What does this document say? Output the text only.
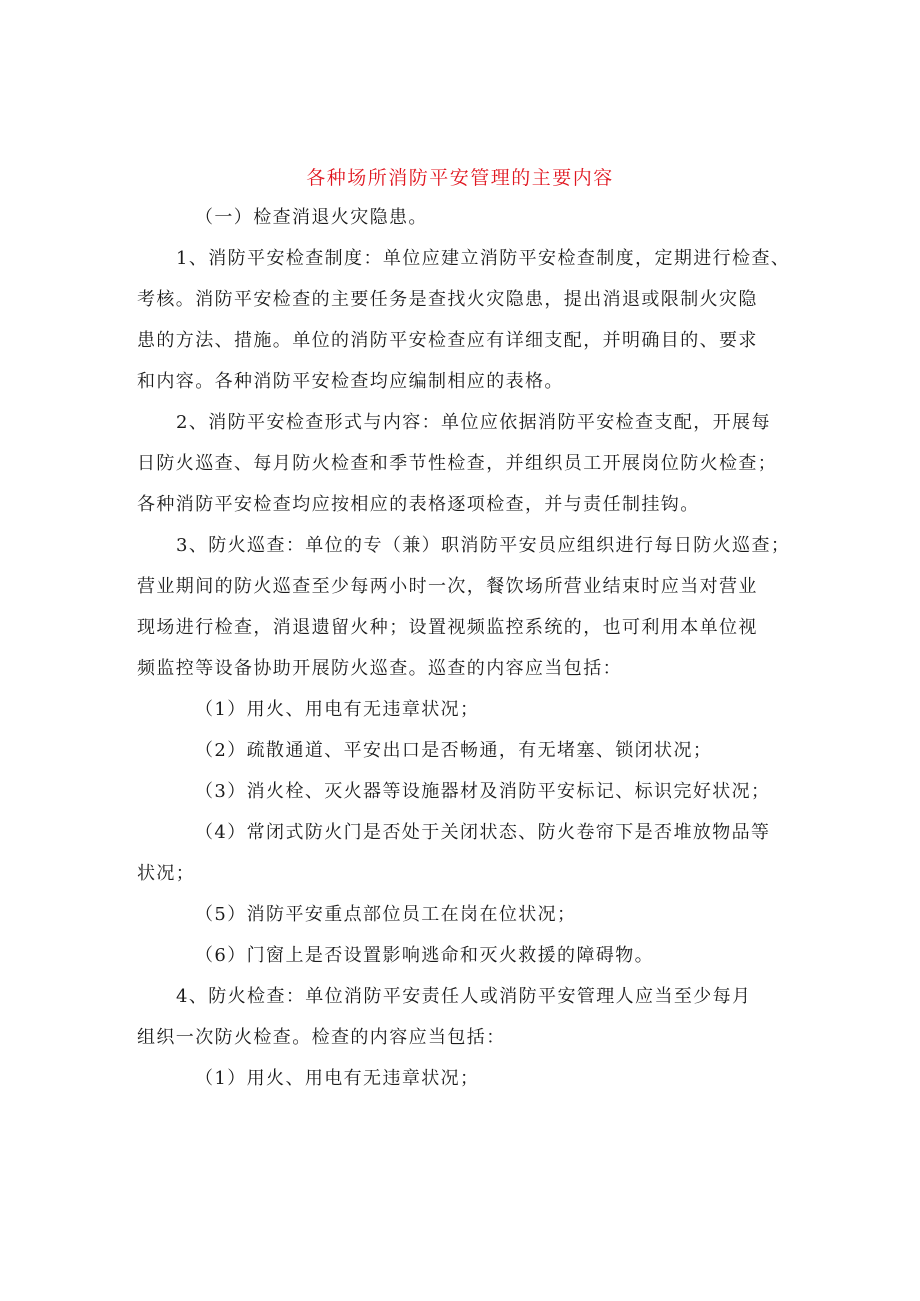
各种场所消防平安管理的主要内容
（一）检查消退火灾隐患。
1、消防平安检查制度：单位应建立消防平安检查制度，定期进行检查、
考核。消防平安检查的主要任务是查找火灾隐患，提出消退或限制火灾隐
患的方法、措施。单位的消防平安检查应有详细支配，并明确目的、要求
和内容。各种消防平安检查均应编制相应的表格。
2、消防平安检查形式与内容：单位应依据消防平安检查支配，开展每
日防火巡查、每月防火检查和季节性检查，并组织员工开展岗位防火检查；
各种消防平安检查均应按相应的表格逐项检查，并与责任制挂钩。
3、防火巡查：单位的专（兼）职消防平安员应组织进行每日防火巡查；
营业期间的防火巡查至少每两小时一次，餐饮场所营业结束时应当对营业
现场进行检查，消退遗留火种；设置视频监控系统的，也可利用本单位视
频监控等设备协助开展防火巡查。巡查的内容应当包括：
（1）用火、用电有无违章状况；
（2）疏散通道、平安出口是否畅通，有无堵塞、锁闭状况；
（3）消火栓、灭火器等设施器材及消防平安标记、标识完好状况；
（4）常闭式防火门是否处于关闭状态、防火卷帘下是否堆放物品等
状况；
（5）消防平安重点部位员工在岗在位状况；
（6）门窗上是否设置影响逃命和灭火救援的障碍物。
4、防火检查：单位消防平安责任人或消防平安管理人应当至少每月
组织一次防火检查。检查的内容应当包括：
（1）用火、用电有无违章状况；
